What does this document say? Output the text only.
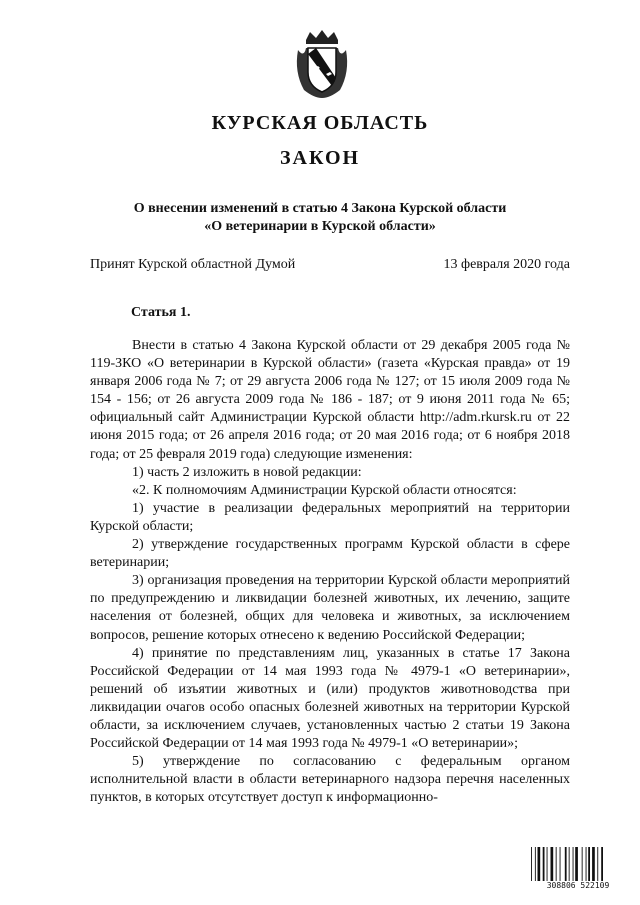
КУРСКАЯ ОБЛАСТЬ
ЗАКОН
О внесении изменений в статью 4 Закона Курской области
«О ветеринарии в Курской области»
Принят Курской областной Думой	13 февраля 2020 года
Статья 1.

Внести в статью 4 Закона Курской области от 29 декабря 2005 года № 119-ЗКО «О ветеринарии в Курской области» (газета «Курская правда» от 19 января 2006 года № 7; от 29 августа 2006 года № 127; от 15 июля 2009 года № 154 - 156; от 26 августа 2009 года № 186 - 187; от 9 июня 2011 года № 65; официальный сайт Администрации Курской области http://adm.rkursk.ru от 22 июня 2015 года; от 26 апреля 2016 года; от 20 мая 2016 года; от 6 ноября 2018 года; от 25 февраля 2019 года) следующие изменения:

1) часть 2 изложить в новой редакции:

«2. К полномочиям Администрации Курской области относятся:

1) участие в реализации федеральных мероприятий на территории Курской области;

2) утверждение государственных программ Курской области в сфере ветеринарии;

3) организация проведения на территории Курской области мероприятий по предупреждению и ликвидации болезней животных, их лечению, защите населения от болезней, общих для человека и животных, за исключением вопросов, решение которых отнесено к ведению Российской Федерации;

4) принятие по представлениям лиц, указанных в статье 17 Закона Российской Федерации от 14 мая 1993 года № 4979-1 «О ветеринарии», решений об изъятии животных и (или) продуктов животноводства при ликвидации очагов особо опасных болезней животных на территории Курской области, за исключением случаев, установленных частью 2 статьи 19 Закона Российской Федерации от 14 мая 1993 года № 4979-1 «О ветеринарии»;

5) утверждение по согласованию с федеральным органом исполнительной власти в области ветеринарного надзора перечня населенных пунктов, в которых отсутствует доступ к информационно-

308806 522109
